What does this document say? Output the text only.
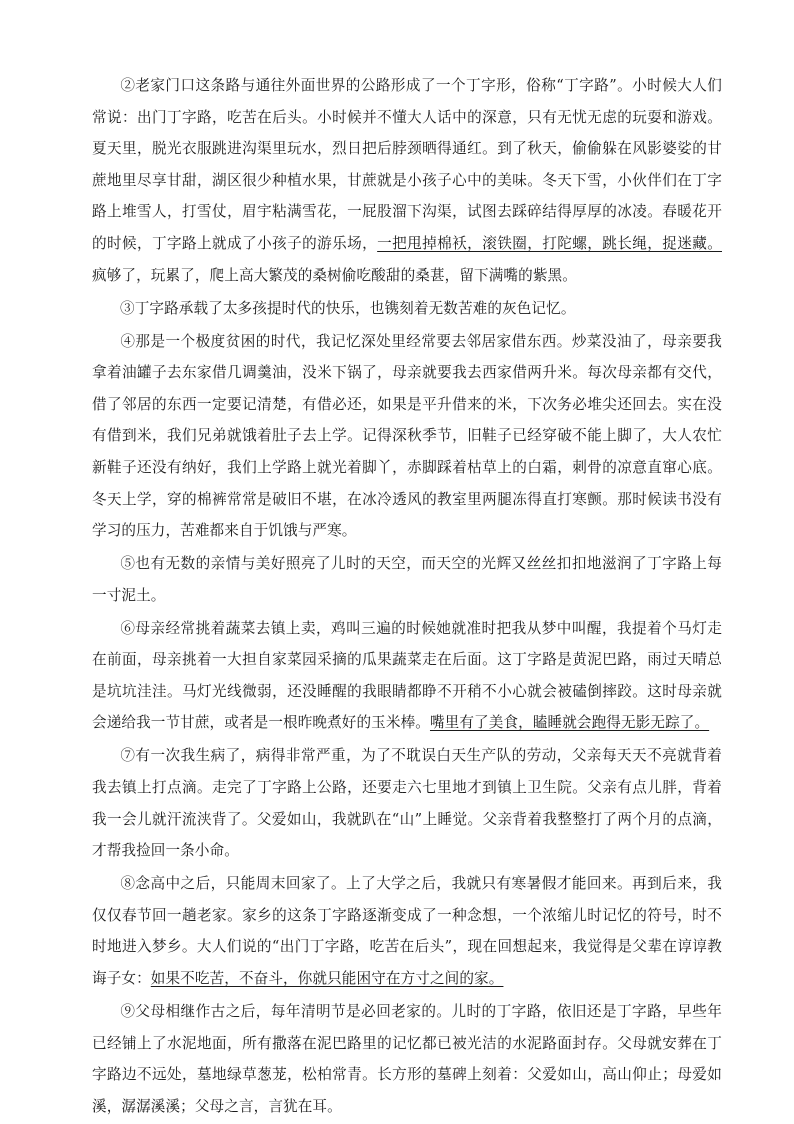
②老家门口这条路与通往外面世界的公路形成了一个丁字形，俗称“丁字路”。小时候大人们常说：出门丁字路，吃苦在后头。小时候并不懂大人话中的深意，只有无忧无虑的玩耍和游戏。夏天里，脱光衣服跳进沟渠里玩水，烈日把后脖颈晒得通红。到了秋天，偷偷躲在风影婆娑的甘蔗地里尽享甘甜，湖区很少种植水果，甘蔗就是小孩子心中的美味。冬天下雪，小伙伴们在丁字路上堆雪人，打雪仗，眉宇粘满雪花，一屁股溜下沟渠，试图去踩碎结得厚厚的冰凌。春暖花开的时候，丁字路上就成了小孩子的游乐场，一把甩掉棉袄，滚铁圈，打陀螺，跳长绳，捉迷藏。疯够了，玩累了，爬上高大繁茂的桑树偷吃酸甜的桑葚，留下满嘴的紫黑。

③丁字路承载了太多孩提时代的快乐，也镌刻着无数苦难的灰色记忆。

④那是一个极度贫困的时代，我记忆深处里经常要去邻居家借东西。炒菜没油了，母亲要我拿着油罐子去东家借几调羹油，没米下锅了，母亲就要我去西家借两升米。每次母亲都有交代，借了邻居的东西一定要记清楚，有借必还，如果是平升借来的米，下次务必堆尖还回去。实在没有借到米，我们兄弟就饿着肚子去上学。记得深秋季节，旧鞋子已经穿破不能上脚了，大人农忙新鞋子还没有纳好，我们上学路上就光着脚丫，赤脚踩着枯草上的白霜，刺骨的凉意直窜心底。冬天上学，穿的棉裤常常是破旧不堪，在冰冷透风的教室里两腿冻得直打寒颤。那时候读书没有学习的压力，苦难都来自于饥饿与严寒。

⑤也有无数的亲情与美好照亮了儿时的天空，而天空的光辉又丝丝扣扣地滋润了丁字路上每一寸泥土。

⑥母亲经常挑着蔬菜去镇上卖，鸡叫三遍的时候她就准时把我从梦中叫醒，我提着个马灯走在前面，母亲挑着一大担自家菜园采摘的瓜果蔬菜走在后面。这丁字路是黄泥巴路，雨过天晴总是坑坑洼洼。马灯光线微弱，还没睡醒的我眼睛都睁不开稍不小心就会被磕倒摔跤。这时母亲就会递给我一节甘蔗，或者是一根昨晚煮好的玉米棒。嘴里有了美食，瞌睡就会跑得无影无踪了。

⑦有一次我生病了，病得非常严重，为了不耽误白天生产队的劳动，父亲每天天不亮就背着我去镇上打点滴。走完了丁字路上公路，还要走六七里地才到镇上卫生院。父亲有点儿胖，背着我一会儿就汗流浃背了。父爱如山，我就趴在“山”上睡觉。父亲背着我整整打了两个月的点滴，才帮我捡回一条小命。

⑧念高中之后，只能周末回家了。上了大学之后，我就只有寒暑假才能回来。再到后来，我仅仅春节回一趟老家。家乡的这条丁字路逐渐变成了一种念想，一个浓缩儿时记忆的符号，时不时地进入梦乡。大人们说的“出门丁字路，吃苦在后头”，现在回想起来，我觉得是父辈在谆谆教诲子女：如果不吃苦，不奋斗，你就只能困守在方寸之间的家。

⑨父母相继作古之后，每年清明节是必回老家的。儿时的丁字路，依旧还是丁字路，早些年已经铺上了水泥地面，所有撒落在泥巴路里的记忆都已被光洁的水泥路面封存。父母就安葬在丁字路边不远处，墓地绿草葱茏，松柏常青。长方形的墓碑上刻着：父爱如山，高山仰止；母爱如溪，潺潺溪溪；父母之言，言犹在耳。
